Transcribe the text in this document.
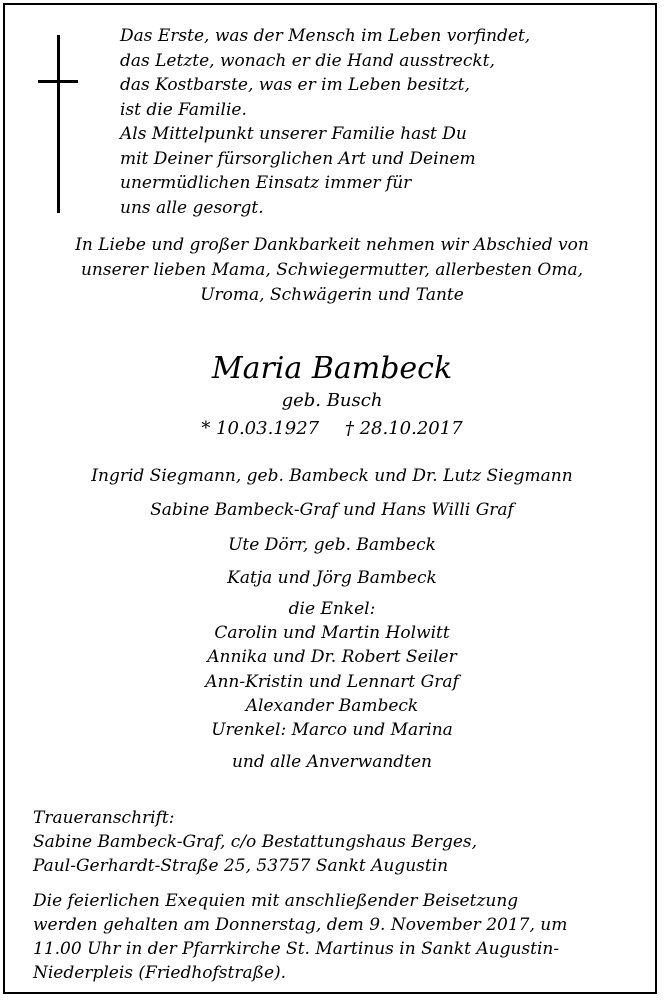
Das Erste, was der Mensch im Leben vorfindet,
das Letzte, wonach er die Hand ausstreckt,
das Kostbarste, was er im Leben besitzt,
ist die Familie.
Als Mittelpunkt unserer Familie hast Du
mit Deiner fürsorglichen Art und Deinem
unermüdlichen Einsatz immer für
uns alle gesorgt.
In Liebe und großer Dankbarkeit nehmen wir Abschied von
unserer lieben Mama, Schwiegermutter, allerbesten Oma,
Uroma, Schwägerin und Tante
Maria Bambeck
geb. Busch
* 10.03.1927 † 28.10.2017
Ingrid Siegmann, geb. Bambeck und Dr. Lutz Siegmann
Sabine Bambeck-Graf und Hans Willi Graf
Ute Dörr, geb. Bambeck
Katja und Jörg Bambeck
die Enkel:
Carolin und Martin Holwitt
Annika und Dr. Robert Seiler
Ann-Kristin und Lennart Graf
Alexander Bambeck
Urenkel: Marco und Marina
und alle Anverwandten
Traueranschrift:
Sabine Bambeck-Graf, c/o Bestattungshaus Berges,
Paul-Gerhardt-Straße 25, 53757 Sankt Augustin
Die feierlichen Exequien mit anschließender Beisetzung
werden gehalten am Donnerstag, dem 9. November 2017, um
11.00 Uhr in der Pfarrkirche St. Martinus in Sankt Augustin-
Niederpleis (Friedhofstraße).
